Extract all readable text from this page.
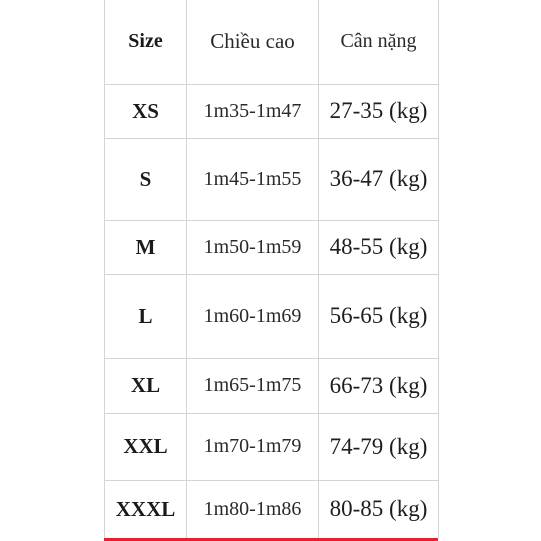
Size	Chiều cao	Cân nặng
XS	1m35-1m47	27-35 (kg)
S	1m45-1m55	36-47 (kg)
M	1m50-1m59	48-55 (kg)
L	1m60-1m69	56-65 (kg)
XL	1m65-1m75	66-73 (kg)
XXL	1m70-1m79	74-79 (kg)
XXXL	1m80-1m86	80-85 (kg)
